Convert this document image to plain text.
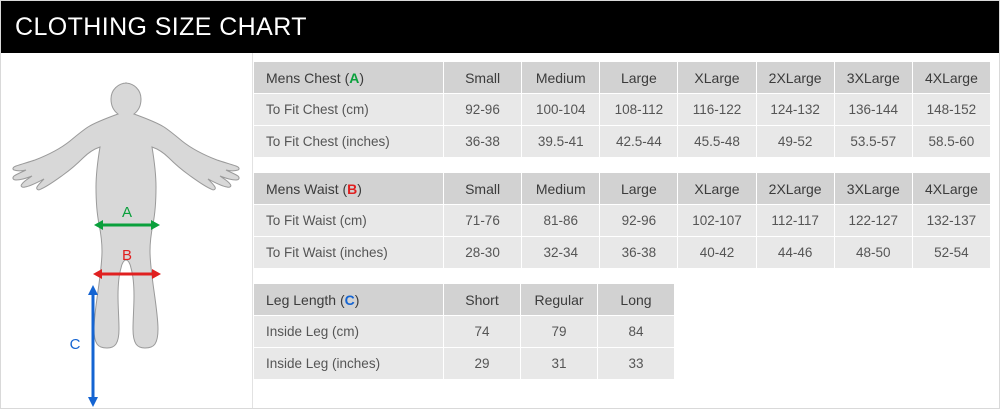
CLOTHING SIZE CHART
A
B
C
Mens Chest (A)	Small	Medium	Large	XLarge	2XLarge	3XLarge	4XLarge
To Fit Chest (cm)	92-96	100-104	108-112	116-122	124-132	136-144	148-152
To Fit Chest (inches)	36-38	39.5-41	42.5-44	45.5-48	49-52	53.5-57	58.5-60
Mens Waist (B)	Small	Medium	Large	XLarge	2XLarge	3XLarge	4XLarge
To Fit Waist (cm)	71-76	81-86	92-96	102-107	112-117	122-127	132-137
To Fit Waist (inches)	28-30	32-34	36-38	40-42	44-46	48-50	52-54
Leg Length (C)	Short	Regular	Long
Inside Leg (cm)	74	79	84
Inside Leg (inches)	29	31	33
